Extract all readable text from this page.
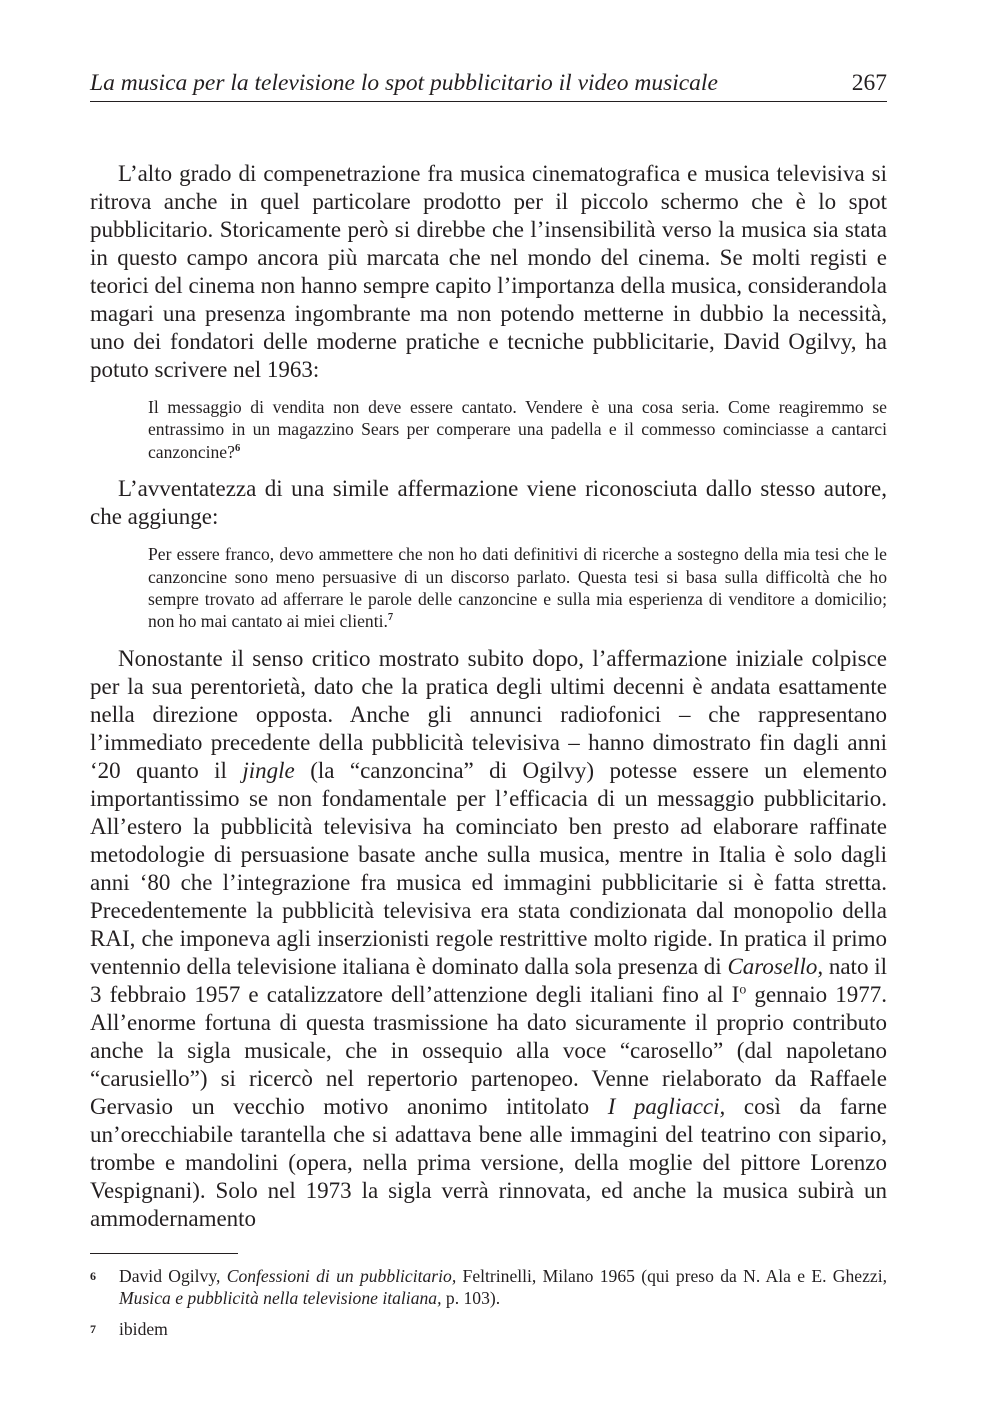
La musica per la televisione lo spot pubblicitario il video musicale	267

L’alto grado di compenetrazione fra musica cinematografica e musica televisiva si ritrova anche in quel particolare prodotto per il piccolo schermo che è lo spot pubblicitario. Storicamente però si direbbe che l’insensibilità verso la musica sia stata in questo campo ancora più marcata che nel mondo del cinema. Se molti registi e teorici del cinema non hanno sempre capito l’importanza della musica, considerandola magari una presenza ingombrante ma non potendo metterne in dubbio la necessità, uno dei fondatori delle moderne pratiche e tecniche pubblicitarie, David Ogilvy, ha potuto scrivere nel 1963:

Il messaggio di vendita non deve essere cantato. Vendere è una cosa seria. Come reagiremmo se entrassimo in un magazzino Sears per comperare una padella e il commesso cominciasse a cantarci canzoncine?$^6$

L’avventatezza di una simile affermazione viene riconosciuta dallo stesso autore, che aggiunge:

Per essere franco, devo ammettere che non ho dati definitivi di ricerche a sostegno della mia tesi che le canzoncine sono meno persuasive di un discorso parlato. Questa tesi si basa sulla difficoltà che ho sempre trovato ad afferrare le parole delle canzoncine e sulla mia esperienza di venditore a domicilio; non ho mai cantato ai miei clienti.$^7$

Nonostante il senso critico mostrato subito dopo, l’affermazione iniziale colpisce per la sua perentorietà, dato che la pratica degli ultimi decenni è andata esattamente nella direzione opposta. Anche gli annunci radiofonici – che rappresentano l’immediato precedente della pubblicità televisiva – hanno dimostrato fin dagli anni ‘20 quanto il jingle (la “canzoncina” di Ogilvy) potesse essere un elemento importantissimo se non fondamentale per l’efficacia di un messaggio pubblicitario. All’estero la pubblicità televisiva ha cominciato ben presto ad elaborare raffinate metodologie di persuasione basate anche sulla musica, mentre in Italia è solo dagli anni ‘80 che l’integrazione fra musica ed immagini pubblicitarie si è fatta stretta. Precedentemente la pubblicità televisiva era stata condizionata dal monopolio della RAI, che imponeva agli inserzionisti regole restrittive molto rigide. In pratica il primo ventennio della televisione italiana è dominato dalla sola presenza di Carosello, nato il 3 febbraio 1957 e catalizzatore dell’attenzione degli italiani fino al $I^o$ gennaio 1977. All’enorme fortuna di questa trasmissione ha dato sicuramente il proprio contributo anche la sigla musicale, che in ossequio alla voce “carosello” (dal napoletano “carusiello”) si ricercò nel repertorio partenopeo. Venne rielaborato da Raffaele Gervasio un vecchio motivo anonimo intitolato I pagliacci, così da farne un’orecchiabile tarantella che si adattava bene alle immagini del teatrino con sipario, trombe e mandolini (opera, nella prima versione, della moglie del pittore Lorenzo Vespignani). Solo nel 1973 la sigla verrà rinnovata, ed anche la musica subirà un ammodernamento

6 David Ogilvy, Confessioni di un pubblicitario, Feltrinelli, Milano 1965 (qui preso da N. Ala e E. Ghezzi, Musica e pubblicità nella televisione italiana, p. 103).
7 ibidem
